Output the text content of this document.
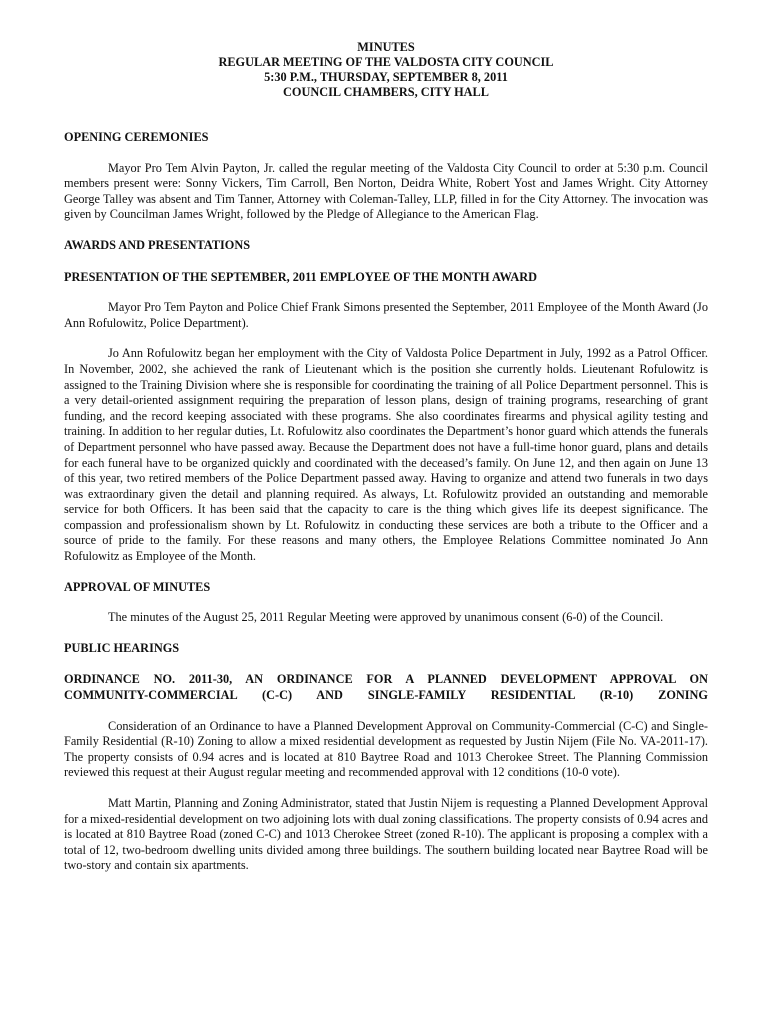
MINUTES
REGULAR MEETING OF THE VALDOSTA CITY COUNCIL
5:30 P.M., THURSDAY, SEPTEMBER 8, 2011
COUNCIL CHAMBERS, CITY HALL
OPENING CEREMONIES

Mayor Pro Tem Alvin Payton, Jr. called the regular meeting of the Valdosta City Council to order at 5:30 p.m. Council members present were: Sonny Vickers, Tim Carroll, Ben Norton, Deidra White, Robert Yost and James Wright. City Attorney George Talley was absent and Tim Tanner, Attorney with Coleman-Talley, LLP, filled in for the City Attorney. The invocation was given by Councilman James Wright, followed by the Pledge of Allegiance to the American Flag.

AWARDS AND PRESENTATIONS
PRESENTATION OF THE SEPTEMBER, 2011 EMPLOYEE OF THE MONTH AWARD

Mayor Pro Tem Payton and Police Chief Frank Simons presented the September, 2011 Employee of the Month Award (Jo Ann Rofulowitz, Police Department).

Jo Ann Rofulowitz began her employment with the City of Valdosta Police Department in July, 1992 as a Patrol Officer. In November, 2002, she achieved the rank of Lieutenant which is the position she currently holds. Lieutenant Rofulowitz is assigned to the Training Division where she is responsible for coordinating the training of all Police Department personnel. This is a very detail-oriented assignment requiring the preparation of lesson plans, design of training programs, researching of grant funding, and the record keeping associated with these programs. She also coordinates firearms and physical agility testing and training. In addition to her regular duties, Lt. Rofulowitz also coordinates the Department’s honor guard which attends the funerals of Department personnel who have passed away. Because the Department does not have a full-time honor guard, plans and details for each funeral have to be organized quickly and coordinated with the deceased’s family. On June 12, and then again on June 13 of this year, two retired members of the Police Department passed away. Having to organize and attend two funerals in two days was extraordinary given the detail and planning required. As always, Lt. Rofulowitz provided an outstanding and memorable service for both Officers. It has been said that the capacity to care is the thing which gives life its deepest significance. The compassion and professionalism shown by Lt. Rofulowitz in conducting these services are both a tribute to the Officer and a source of pride to the family. For these reasons and many others, the Employee Relations Committee nominated Jo Ann Rofulowitz as Employee of the Month.

APPROVAL OF MINUTES

The minutes of the August 25, 2011 Regular Meeting were approved by unanimous consent (6-0) of the Council.

PUBLIC HEARINGS
ORDINANCE NO. 2011-30, AN ORDINANCE FOR A PLANNED DEVELOPMENT APPROVAL ON
COMMUNITY-COMMERCIAL (C-C) AND SINGLE-FAMILY RESIDENTIAL (R-10) ZONING

Consideration of an Ordinance to have a Planned Development Approval on Community-Commercial (C-C) and Single-Family Residential (R-10) Zoning to allow a mixed residential development as requested by Justin Nijem (File No. VA-2011-17). The property consists of 0.94 acres and is located at 810 Baytree Road and 1013 Cherokee Street. The Planning Commission reviewed this request at their August regular meeting and recommended approval with 12 conditions (10-0 vote).

Matt Martin, Planning and Zoning Administrator, stated that Justin Nijem is requesting a Planned Development Approval for a mixed-residential development on two adjoining lots with dual zoning classifications. The property consists of 0.94 acres and is located at 810 Baytree Road (zoned C-C) and 1013 Cherokee Street (zoned R-10). The applicant is proposing a complex with a total of 12, two-bedroom dwelling units divided among three buildings. The southern building located near Baytree Road will be two-story and contain six apartments.
